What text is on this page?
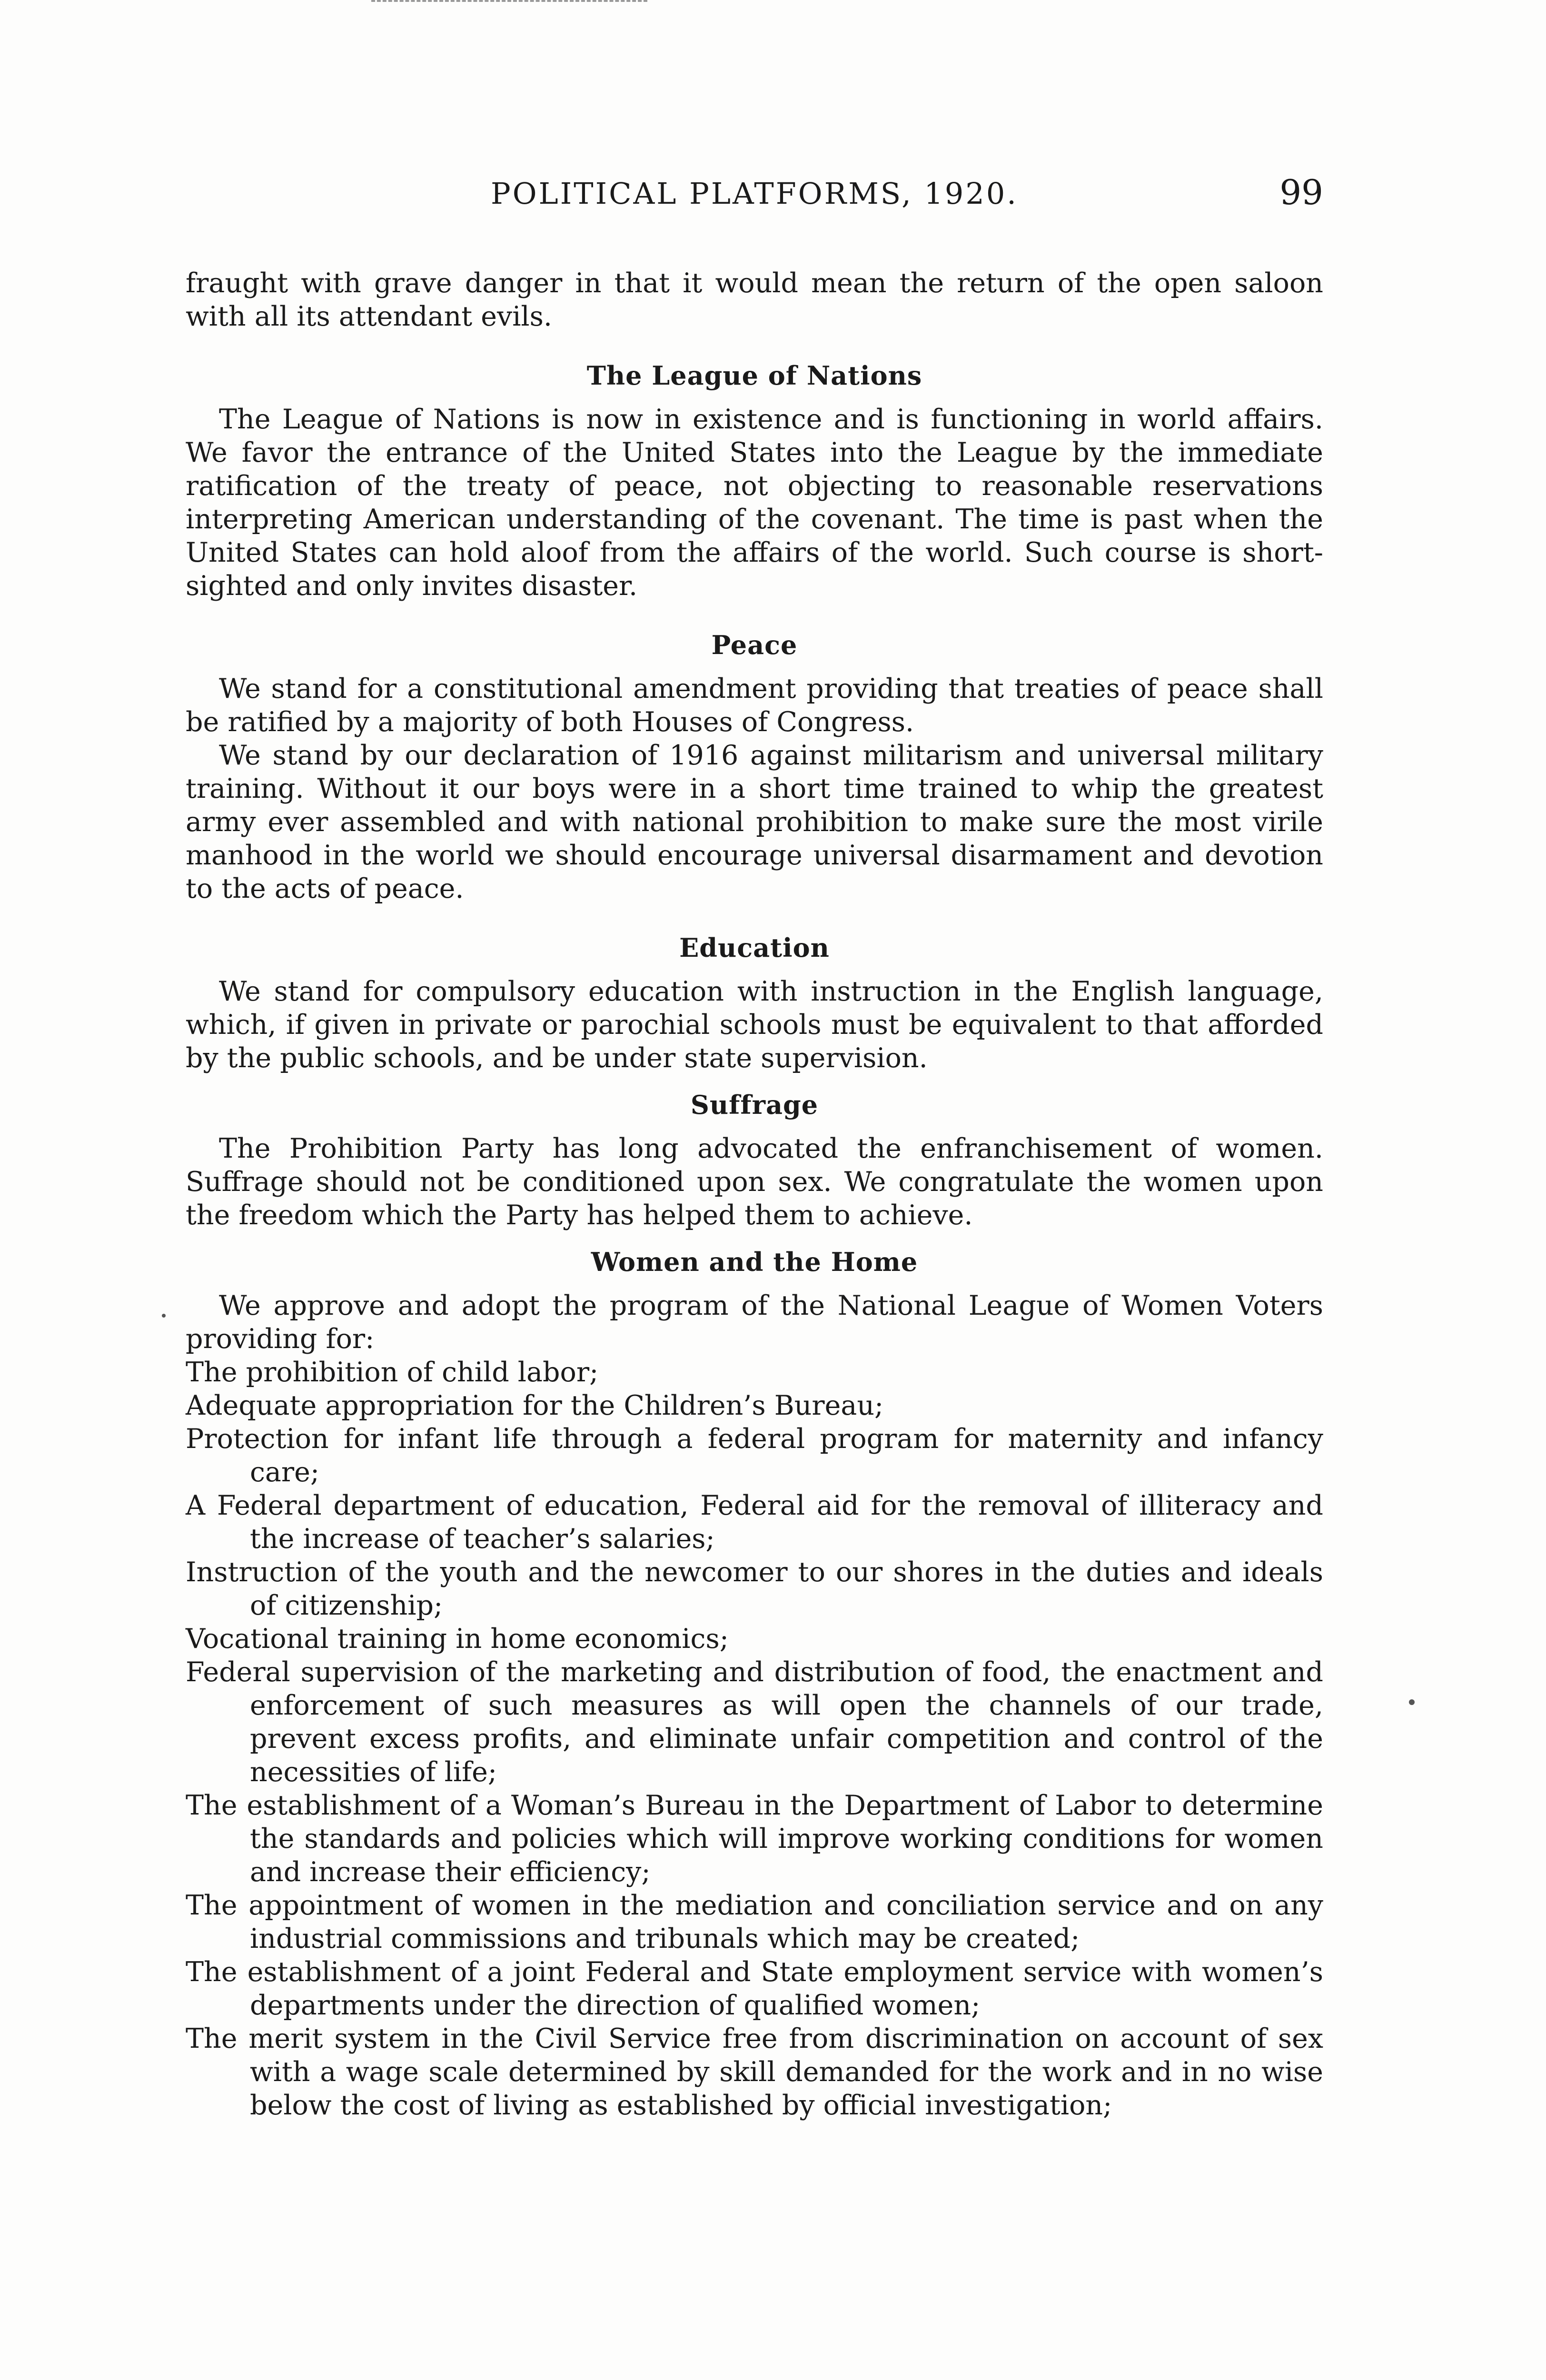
POLITICAL PLATFORMS, 1920.	99

fraught with grave danger in that it would mean the return of the open saloon with all its attendant evils.

The League of Nations

The League of Nations is now in existence and is functioning in world affairs. We favor the entrance of the United States into the League by the immediate ratification of the treaty of peace, not objecting to reasonable reservations interpreting American understanding of the covenant. The time is past when the United States can hold aloof from the affairs of the world. Such course is short-sighted and only invites disaster.

Peace

We stand for a constitutional amendment providing that treaties of peace shall be ratified by a majority of both Houses of Congress.

We stand by our declaration of 1916 against militarism and universal military training. Without it our boys were in a short time trained to whip the greatest army ever assembled and with national prohibition to make sure the most virile manhood in the world we should encourage universal disarmament and devotion to the acts of peace.

Education

We stand for compulsory education with instruction in the English language, which, if given in private or parochial schools must be equivalent to that afforded by the public schools, and be under state supervision.

Suffrage

The Prohibition Party has long advocated the enfranchisement of women. Suffrage should not be conditioned upon sex. We congratulate the women upon the freedom which the Party has helped them to achieve.

Women and the Home

We approve and adopt the program of the National League of Women Voters providing for:

The prohibition of child labor;
Adequate appropriation for the Children’s Bureau;
Protection for infant life through a federal program for maternity and infancy care;
A Federal department of education, Federal aid for the removal of illiteracy and the increase of teacher’s salaries;
Instruction of the youth and the newcomer to our shores in the duties and ideals of citizenship;
Vocational training in home economics;
Federal supervision of the marketing and distribution of food, the enactment and enforcement of such measures as will open the channels of our trade, prevent excess profits, and eliminate unfair competition and control of the necessities of life;
The establishment of a Woman’s Bureau in the Department of Labor to determine the standards and policies which will improve working conditions for women and increase their efficiency;
The appointment of women in the mediation and conciliation service and on any industrial commissions and tribunals which may be created;
The establishment of a joint Federal and State employment service with women’s departments under the direction of qualified women;
The merit system in the Civil Service free from discrimination on account of sex with a wage scale determined by skill demanded for the work and in no wise below the cost of living as established by official investigation;
